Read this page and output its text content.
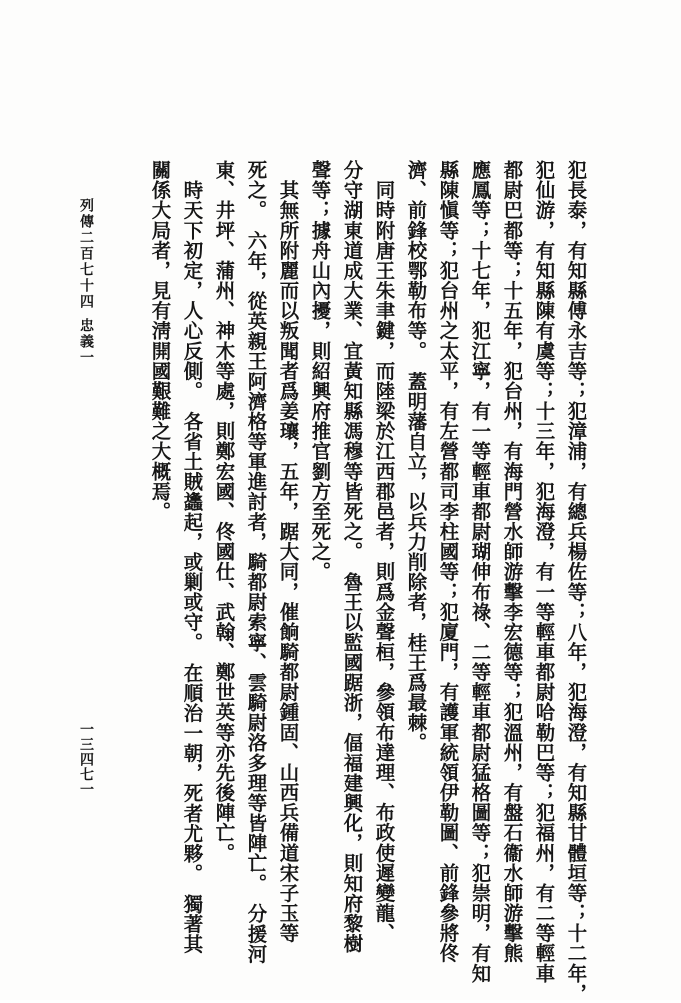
列傳二百七十四
忠義一
一三四七一	犯長泰，有知縣傅永吉等；犯漳浦，有總兵楊佐等；八年，犯海澄，有知縣甘體垣等；十二年，
犯仙游，有知縣陳有虞等；十三年，犯海澄，有一等輕車都尉哈勒巴等；犯福州，有二等輕車
都尉巴都等；十五年，犯台州，有海門營水師游擊李宏德等；犯溫州，有盤石衞水師游擊熊
應鳳等；十七年，犯江寧，有一等輕車都尉瑚伸布祿、二等輕車都尉猛格圖等；犯崇明，有知
縣陳愼等；犯台州之太平，有左營都司李柱國等；犯廈門，有護軍統領伊勒圖、前鋒參將佟
濟、前鋒校鄂勒布等。　蓋明藩自立，以兵力削除者，桂王爲最棘。
　同時附唐王朱聿鍵，而陸梁於江西郡邑者，則爲金聲桓，參領布達理、布政使遲變龍、
分守湖東道成大業、宜黃知縣馮穆等皆死之。　魯王以監國踞浙，偪福建興化，則知府黎樹
聲等；據舟山內擾，則紹興府推官劉方至死之。
　其無所附麗而以叛聞者爲姜瓖，五年，踞大同，催餉騎都尉鍾固、山西兵備道宋子玉等
死之。　六年，從英親王阿濟格等軍進討者，騎都尉索寧、雲騎尉洛多理等皆陣亡。　分援河
東、井坪、蒲州、神木等處，則鄭宏國、佟國仕、武翰、鄭世英等亦先後陣亡。
　時天下初定，人心反側。　各省土賊蠭起，或剿或守。　在順治一朝，死者尤夥。　獨著其
關係大局者，見有淸開國艱難之大概焉。
